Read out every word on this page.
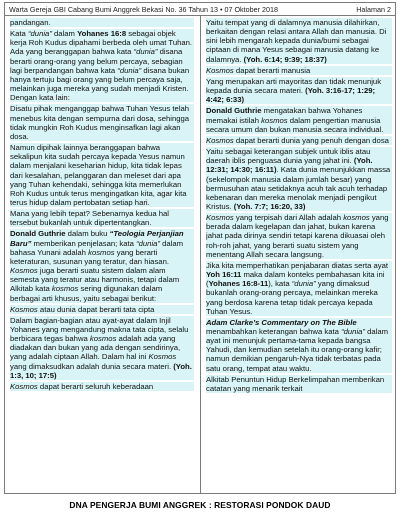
Warta Gereja GBI Cabang Bumi Anggrek Bekasi No. 36 Tahun 13 • 07 Oktober 2018	Halaman 2

pandangan.

Kata “dunia” dalam Yohanes 16:8 sebagai objek kerja Roh Kudus dipahami berbeda oleh umat Tuhan. Ada yang beranggapan bahwa kata “dunia” disana berarti orang-orang yang belum percaya, sebagian lagi berpandangan bahwa kata “dunia” disana bukan hanya tertuju bagi orang yang belum percaya saja, melainkan juga mereka yang sudah menjadi Kristen. Dengan kata lain:

Disatu pihak menganggap bahwa Tuhan Yesus telah menebus kita dengan sempurna dari dosa, sehingga tidak mungkin Roh Kudus menginsafkan lagi akan dosa.

Namun dipihak lainnya beranggapan bahwa sekalipun kita sudah percaya kepada Yesus namun dalam menjalani keseharian hidup, kita tidak lepas dari kesalahan, pelanggaran dan meleset dari apa yang Tuhan kehendaki, sehingga kita memerlukan Roh Kudus untuk terus mengingatkan kita, agar kita terus hidup dalam pertobatan setiap hari.

Mana yang lebih tepat? Sebenarnya kedua hal tersebut bukanlah untuk dipertentangkan.

Donald Guthrie dalam buku “Teologia Perjanjian Baru” memberikan penjelasan; kata “dunia” dalam bahasa Yunani adalah kosmos yang berarti keteraturan, susunan yang teratur, dan hiasan. Kosmos juga berarti suatu sistem dalam alam semesta yang teratur atau harmonis, tetapi dalam Alkitab kata kosmos sering digunakan dalam berbagai arti khusus, yaitu sebagai berikut:

Kosmos atau dunia dapat berarti tata cipta

Dalam bagian-bagian atau ayat-ayat dalam Injil Yohanes yang mengandung makna tata cipta, selalu berbicara tegas bahwa kosmos adalah ada yang diadakan dan bukan yang ada dengan sendirinya, yang adalah ciptaan Allah. Dalam hal ini Kosmos yang dimaksudkan adalah dunia secara materi. (Yoh. 1:3, 10; 17:5)

Kosmos dapat berarti seluruh keberadaan

Yaitu tempat yang di dalamnya manusia dilahirkan, berkaitan dengan relasi antara Allah dan manusia. Di sini lebih mengarah kepada dunia/bumi sebagai ciptaan di mana Yesus sebagai manusia datang ke dalamnya. (Yoh. 6:14; 9:39; 18:37)

Kosmos dapat berarti manusia

Yang merupakan arti mayoritas dan tidak menunjuk kepada dunia secara materi. (Yoh. 3:16-17; 1:29; 4:42; 6:33)

Donald Guthrie mengatakan bahwa Yohanes memakai istilah kosmos dalam pengertian manusia secara umum dan bukan manusia secara individual.

Kosmos dapat berarti dunia yang penuh dengan dosa

Yaitu sebagai keterangan subjek untuk iblis atau daerah iblis penguasa dunia yang jahat ini. (Yoh. 12:31; 14:30; 16:11). Kata dunia menunjukkan massa (sekelompok manusia dalam jumlah besar) yang bermusuhan atau setidaknya acuh tak acuh terhadap kebenaran dan mereka menolak menjadi pengikut Kristus. (Yoh. 7:7; 16:20, 33)

Kosmos yang terpisah dari Allah adalah kosmos yang berada dalam kegelapan dan jahat, bukan karena jahat pada dirinya sendiri tetapi karena dikuasai oleh roh-roh jahat, yang berarti suatu sistem yang menentang Allah secara langsung.

Jika kita memperhatikan penjabaran diatas serta ayat Yoh 16:11 maka dalam konteks pembahasan kita ini (Yohanes 16:8-11), kata “dunia” yang dimaksud bukanlah orang-orang percaya, melainkan mereka yang berdosa karena tetap tidak percaya kepada Tuhan Yesus.

Adam Clarke’s Commentary on The Bible menambahkan keterangan bahwa kata “dunia” dalam ayat ini menunjuk pertama-tama kepada bangsa Yahudi, dan kemudian setelah itu orang-orang kafir; namun demikian pengaruh-Nya tidak terbatas pada satu orang, tempat atau waktu.

Alkitab Penuntun Hidup Berkelimpahan memberikan catatan yang menarik terkait

DNA PENGERJA BUMI ANGGREK : RESTORASI PONDOK DAUD
